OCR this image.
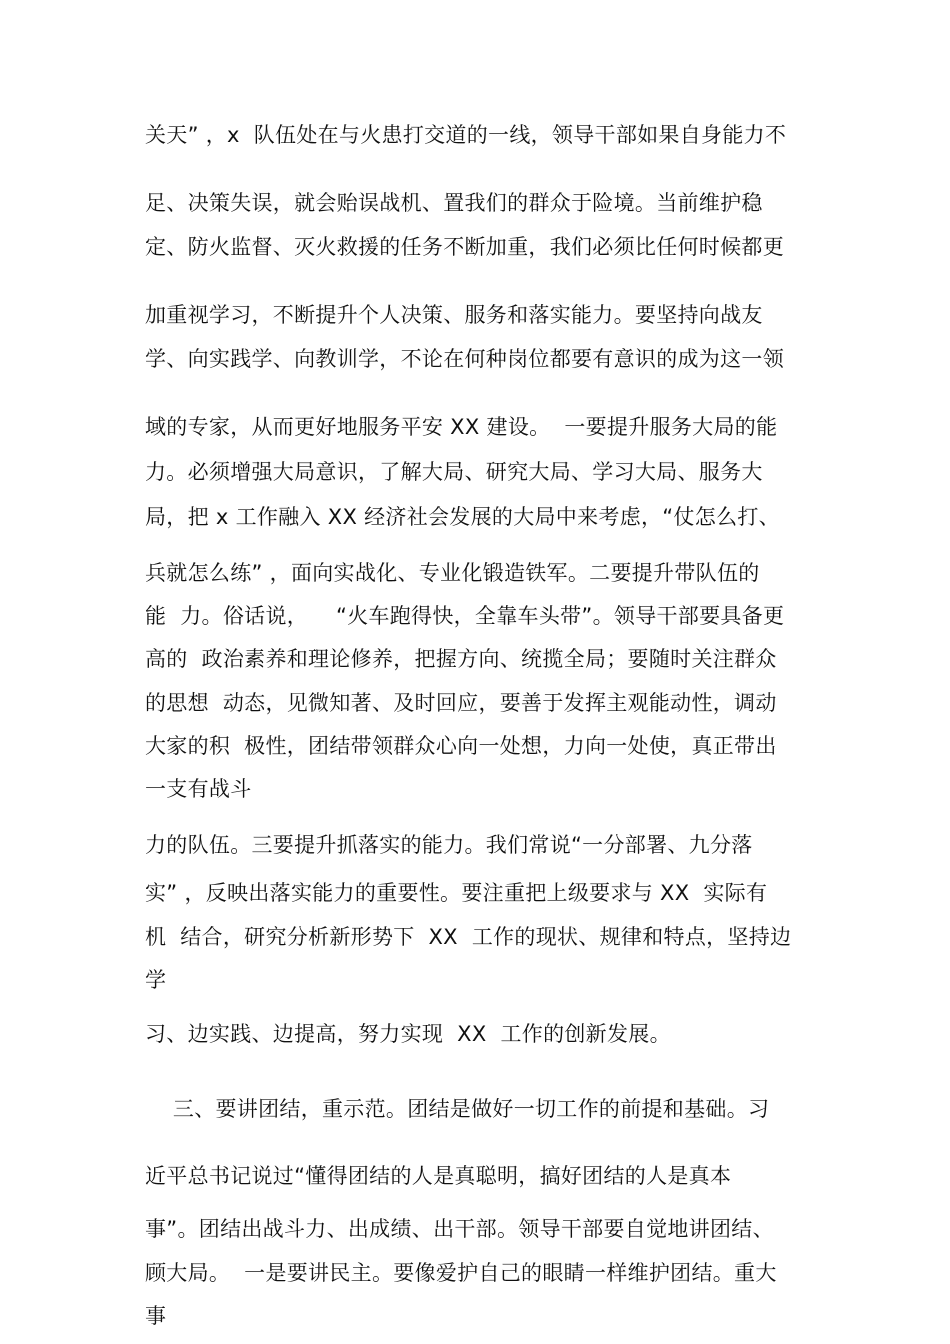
关天” ，x  队伍处在与火患打交道的一线，领导干部如果自身能力不
足、决策失误，就会贻误战机、置我们的群众于险境。当前维护稳
定、防火监督、灭火救援的任务不断加重，我们必须比任何时候都更
加重视学习，不断提升个人决策、服务和落实能力。要坚持向战友
学、向实践学、向教训学，不论在何种岗位都要有意识的成为这一领
域的专家，从而更好地服务平安 XX 建设。  一要提升服务大局的能
力。必须增强大局意识，了解大局、研究大局、学习大局、服务大
局，把 x 工作融入 XX 经济社会发展的大局中来考虑，“仗怎么打、
兵就怎么练” ，面向实战化、专业化锻造铁军。二要提升带队伍的
能  力。俗话说，    “火车跑得快，全靠车头带”。领导干部要具备更
高的  政治素养和理论修养，把握方向、统揽全局；要随时关注群众
的思想  动态，见微知著、及时回应，要善于发挥主观能动性，调动
大家的积  极性，团结带领群众心向一处想，力向一处使，真正带出
一支有战斗
力的队伍。三要提升抓落实的能力。我们常说“一分部署、九分落
实” ，反映出落实能力的重要性。要注重把上级要求与 XX  实际有
机  结合，研究分析新形势下  XX  工作的现状、规律和特点，坚持边
学
习、边实践、边提高，努力实现  XX  工作的创新发展。
三、要讲团结，重示范。团结是做好一切工作的前提和基础。习
近平总书记说过“懂得团结的人是真聪明，搞好团结的人是真本
事”。团结出战斗力、出成绩、出干部。领导干部要自觉地讲团结、
顾大局。  一是要讲民主。要像爱护自己的眼睛一样维护团结。重大
事
